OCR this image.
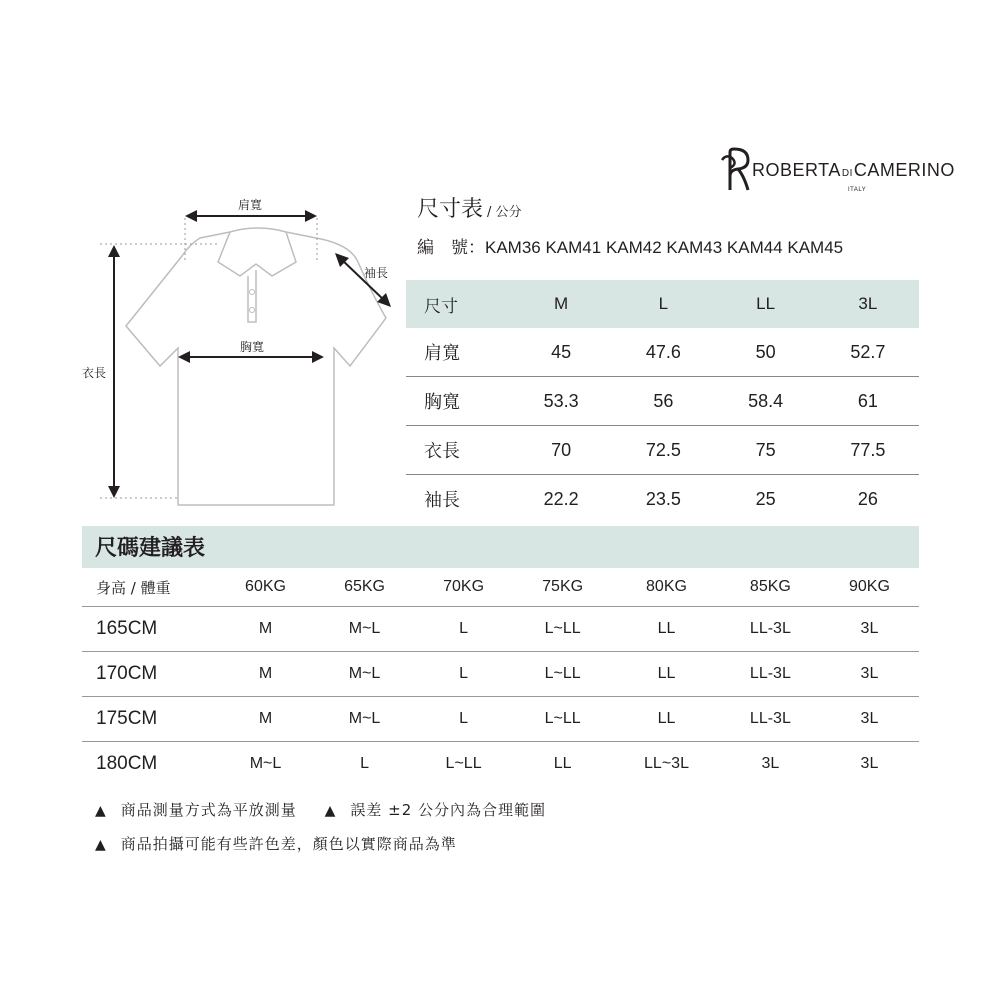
ROBERTADICAMERINO
ITALY
肩寬
袖長
胸寬
衣長
尺寸表 / 公分
編　號：KAM36 KAM41 KAM42 KAM43 KAM44 KAM45
尺寸	M	L	LL	3L
肩寬	45	47.6	50	52.7
胸寬	53.3	56	58.4	61
衣長	70	72.5	75	77.5
袖長	22.2	23.5	25	26
尺碼建議表
身高 / 體重	60KG	65KG	70KG	75KG	80KG	85KG	90KG
165CM	M	M~L	L	L~LL	LL	LL-3L	3L
170CM	M	M~L	L	L~LL	LL	LL-3L	3L
175CM	M	M~L	L	L~LL	LL	LL-3L	3L
180CM	M~L	L	L~LL	LL	LL~3L	3L	3L
▲ 商品測量方式為平放測量 ▲ 誤差 ±2 公分內為合理範圍
▲ 商品拍攝可能有些許色差，顏色以實際商品為準
